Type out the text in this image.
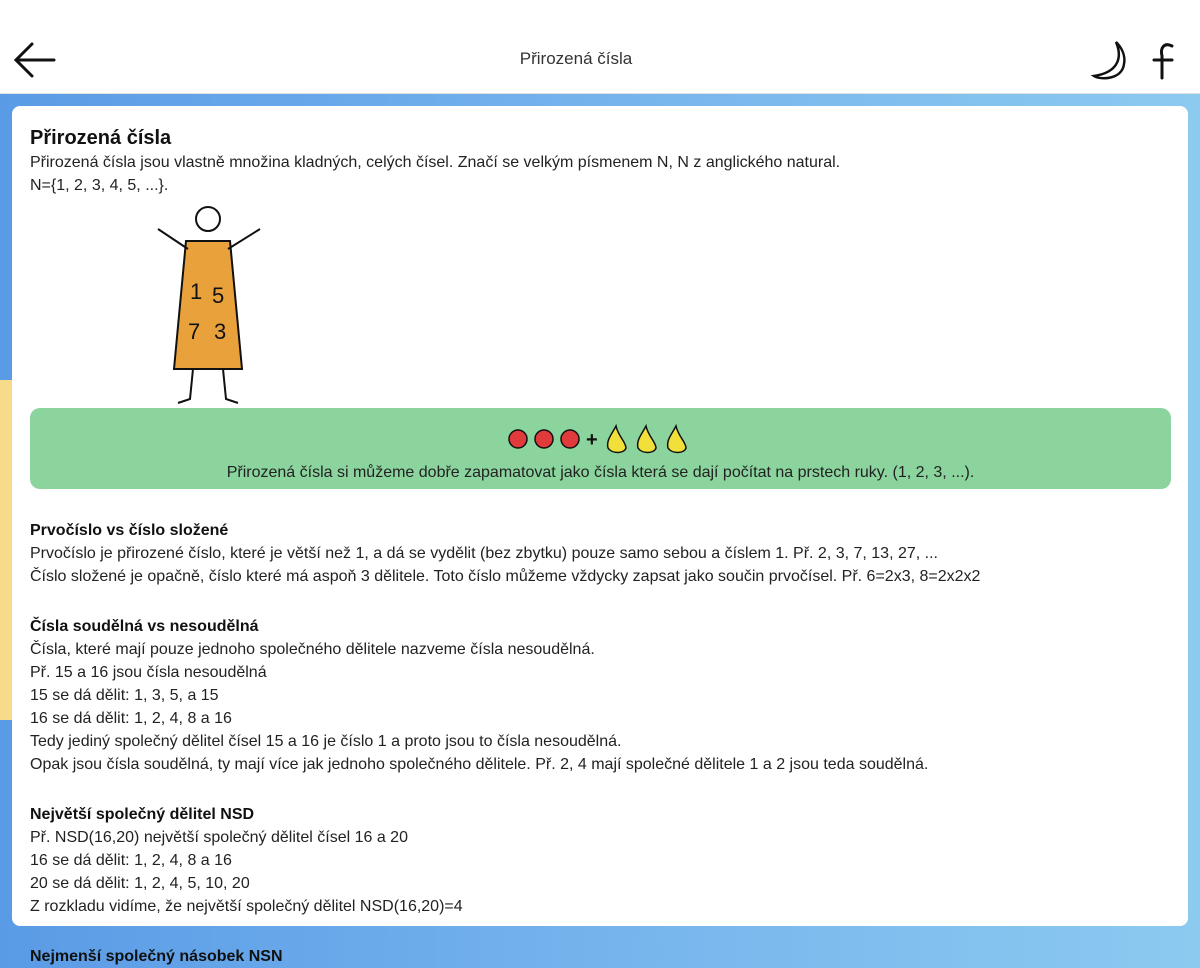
Přirozená čísla
Přirozená čísla

Přirozená čísla jsou vlastně množina kladných, celých čísel. Značí se velkým písmenem N, N z anglického natural.

N={1, 2, 3, 4, 5, ...}.

1 5
7 3
+

Přirozená čísla si můžeme dobře zapamatovat jako čísla která se dají počítat na prstech ruky. (1, 2, 3, ...).

Prvočíslo vs číslo složené

Prvočíslo je přirozené číslo, které je větší než 1, a dá se vydělit (bez zbytku) pouze samo sebou a číslem 1. Př. 2, 3, 7, 13, 27, ...

Číslo složené je opačně, číslo které má aspoň 3 dělitele. Toto číslo můžeme vždycky zapsat jako součin prvočísel. Př. 6=2x3, 8=2x2x2

Čísla soudělná vs nesoudělná

Čísla, které mají pouze jednoho společného dělitele nazveme čísla nesoudělná.

Př. 15 a 16 jsou čísla nesoudělná

15 se dá dělit: 1, 3, 5, a 15

16 se dá dělit: 1, 2, 4, 8 a 16

Tedy jediný společný dělitel čísel 15 a 16 je číslo 1 a proto jsou to čísla nesoudělná.

Opak jsou čísla soudělná, ty mají více jak jednoho společného dělitele. Př. 2, 4 mají společné dělitele 1 a 2 jsou teda soudělná.

Největší společný dělitel NSD

Př. NSD(16,20) největší společný dělitel čísel 16 a 20

16 se dá dělit: 1, 2, 4, 8 a 16

20 se dá dělit: 1, 2, 4, 5, 10, 20

Z rozkladu vidíme, že největší společný dělitel NSD(16,20)=4

Nejmenší společný násobek NSN
